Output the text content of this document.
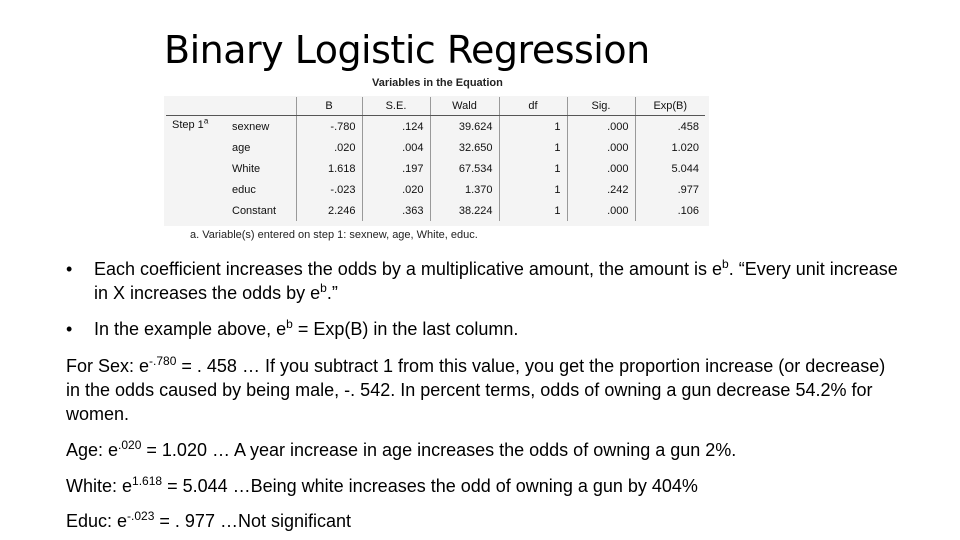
Binary Logistic Regression
Variables in the Equation
		B	S.E.	Wald	df	Sig.	Exp(B)
Step 1$^a$	sexnew	-.780	.124	39.624	1	.000	.458
	age	.020	.004	32.650	1	.000	1.020
	White	1.618	.197	67.534	1	.000	5.044
	educ	-.023	.020	1.370	1	.242	.977
	Constant	2.246	.363	38.224	1	.000	.106
a. Variable(s) entered on step 1: sexnew, age, White, educ.
• Each coefficient increases the odds by a multiplicative amount, the amount is $e^b$. “Every unit increase in X increases the odds by $e^b$.”
• In the example above, $e^b = Exp(B)$ in the last column.
For Sex: $e^{-.780}$ = . 458 … If you subtract 1 from this value, you get the proportion increase (or decrease) in the odds caused by being male, -. 542. In percent terms, odds of owning a gun decrease 54.2% for women.
Age: $e^{.020} = 1.020$ … A year increase in age increases the odds of owning a gun 2%.
White: $e^{1.618} = 5.044$ …Being white increases the odd of owning a gun by 404%
Educ: $e^{-.023}$ = . 977 …Not significant
